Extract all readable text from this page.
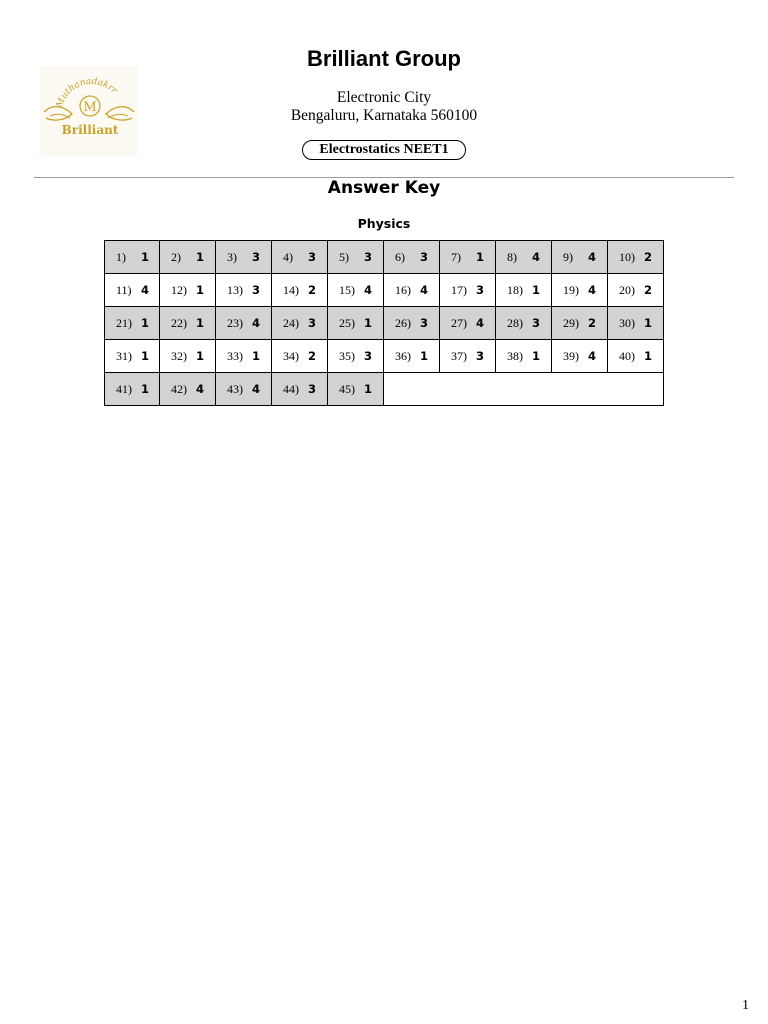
Muthanadakrr
M
Brilliant
Brilliant Group
Electronic City
Bengaluru, Karnataka 560100
Electrostatics NEET1
Answer Key
Physics
1) 1 2) 1 3) 3 4) 3 5) 3 6) 3 7) 1 8) 4 9) 4 10) 2
11) 4 12) 1 13) 3 14) 2 15) 4 16) 4 17) 3 18) 1 19) 4 20) 2
21) 1 22) 1 23) 4 24) 3 25) 1 26) 3 27) 4 28) 3 29) 2 30) 1
31) 1 32) 1 33) 1 34) 2 35) 3 36) 1 37) 3 38) 1 39) 4 40) 1
41) 1 42) 4 43) 4 44) 3 45) 1
1
